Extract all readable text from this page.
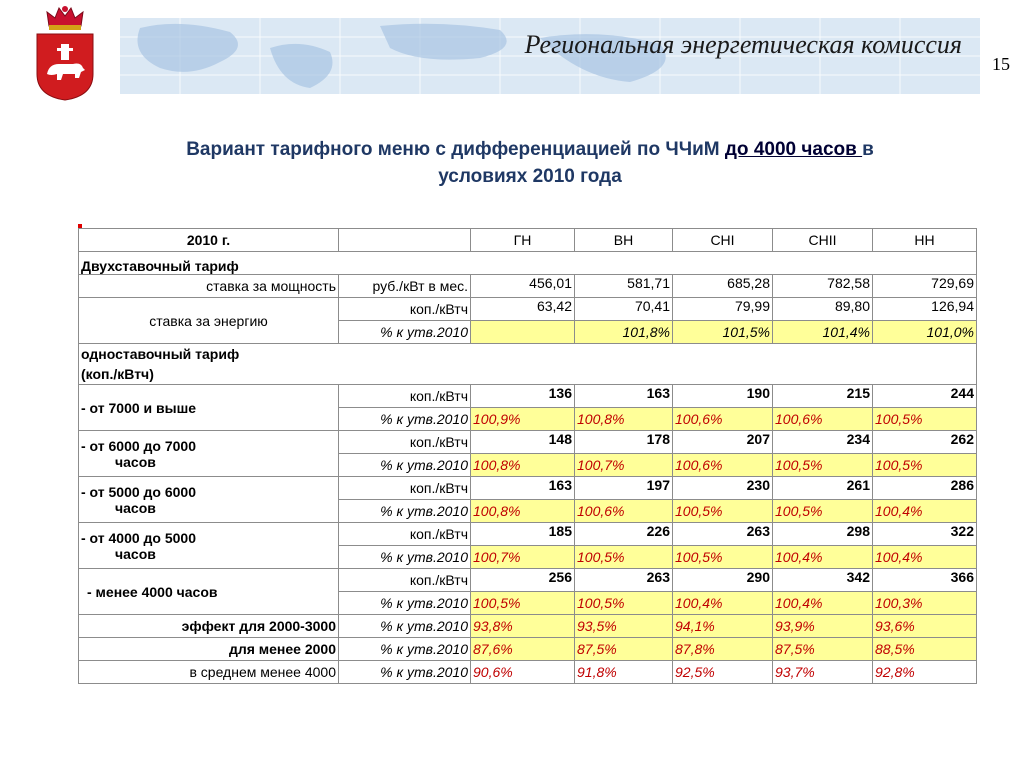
Региональная энергетическая комиссия
15
Вариант тарифного меню с дифференциацией по ЧЧиМ до 4000 часов в
условиях 2010 года
2010 г.		ГН	ВН	СНI	СНII	НН
Двухставочный тариф						
ставка за мощность	руб./кВт в мес.	456,01	581,71	685,28	782,58	729,69
ставка за энергию	коп./кВтч	63,42	70,41	79,99	89,80	126,94
	% к утв.2010		101,8%	101,5%	101,4%	101,0%
одноставочный тариф
(коп./кВтч)						
- от 7000 и выше	коп./кВтч	136	163	190	215	244
	% к утв.2010	100,9%	100,8%	100,6%	100,6%	100,5%
- от 6000 до 7000
часов	коп./кВтч	148	178	207	234	262
	% к утв.2010	100,8%	100,7%	100,6%	100,5%	100,5%
- от 5000 до 6000
часов	коп./кВтч	163	197	230	261	286
	% к утв.2010	100,8%	100,6%	100,5%	100,5%	100,4%
- от 4000 до 5000
часов	коп./кВтч	185	226	263	298	322
	% к утв.2010	100,7%	100,5%	100,5%	100,4%	100,4%
- менее 4000 часов	коп./кВтч	256	263	290	342	366
	% к утв.2010	100,5%	100,5%	100,4%	100,4%	100,3%
эффект для 2000-3000	% к утв.2010	93,8%	93,5%	94,1%	93,9%	93,6%
для менее 2000	% к утв.2010	87,6%	87,5%	87,8%	87,5%	88,5%
в среднем менее 4000	% к утв.2010	90,6%	91,8%	92,5%	93,7%	92,8%
